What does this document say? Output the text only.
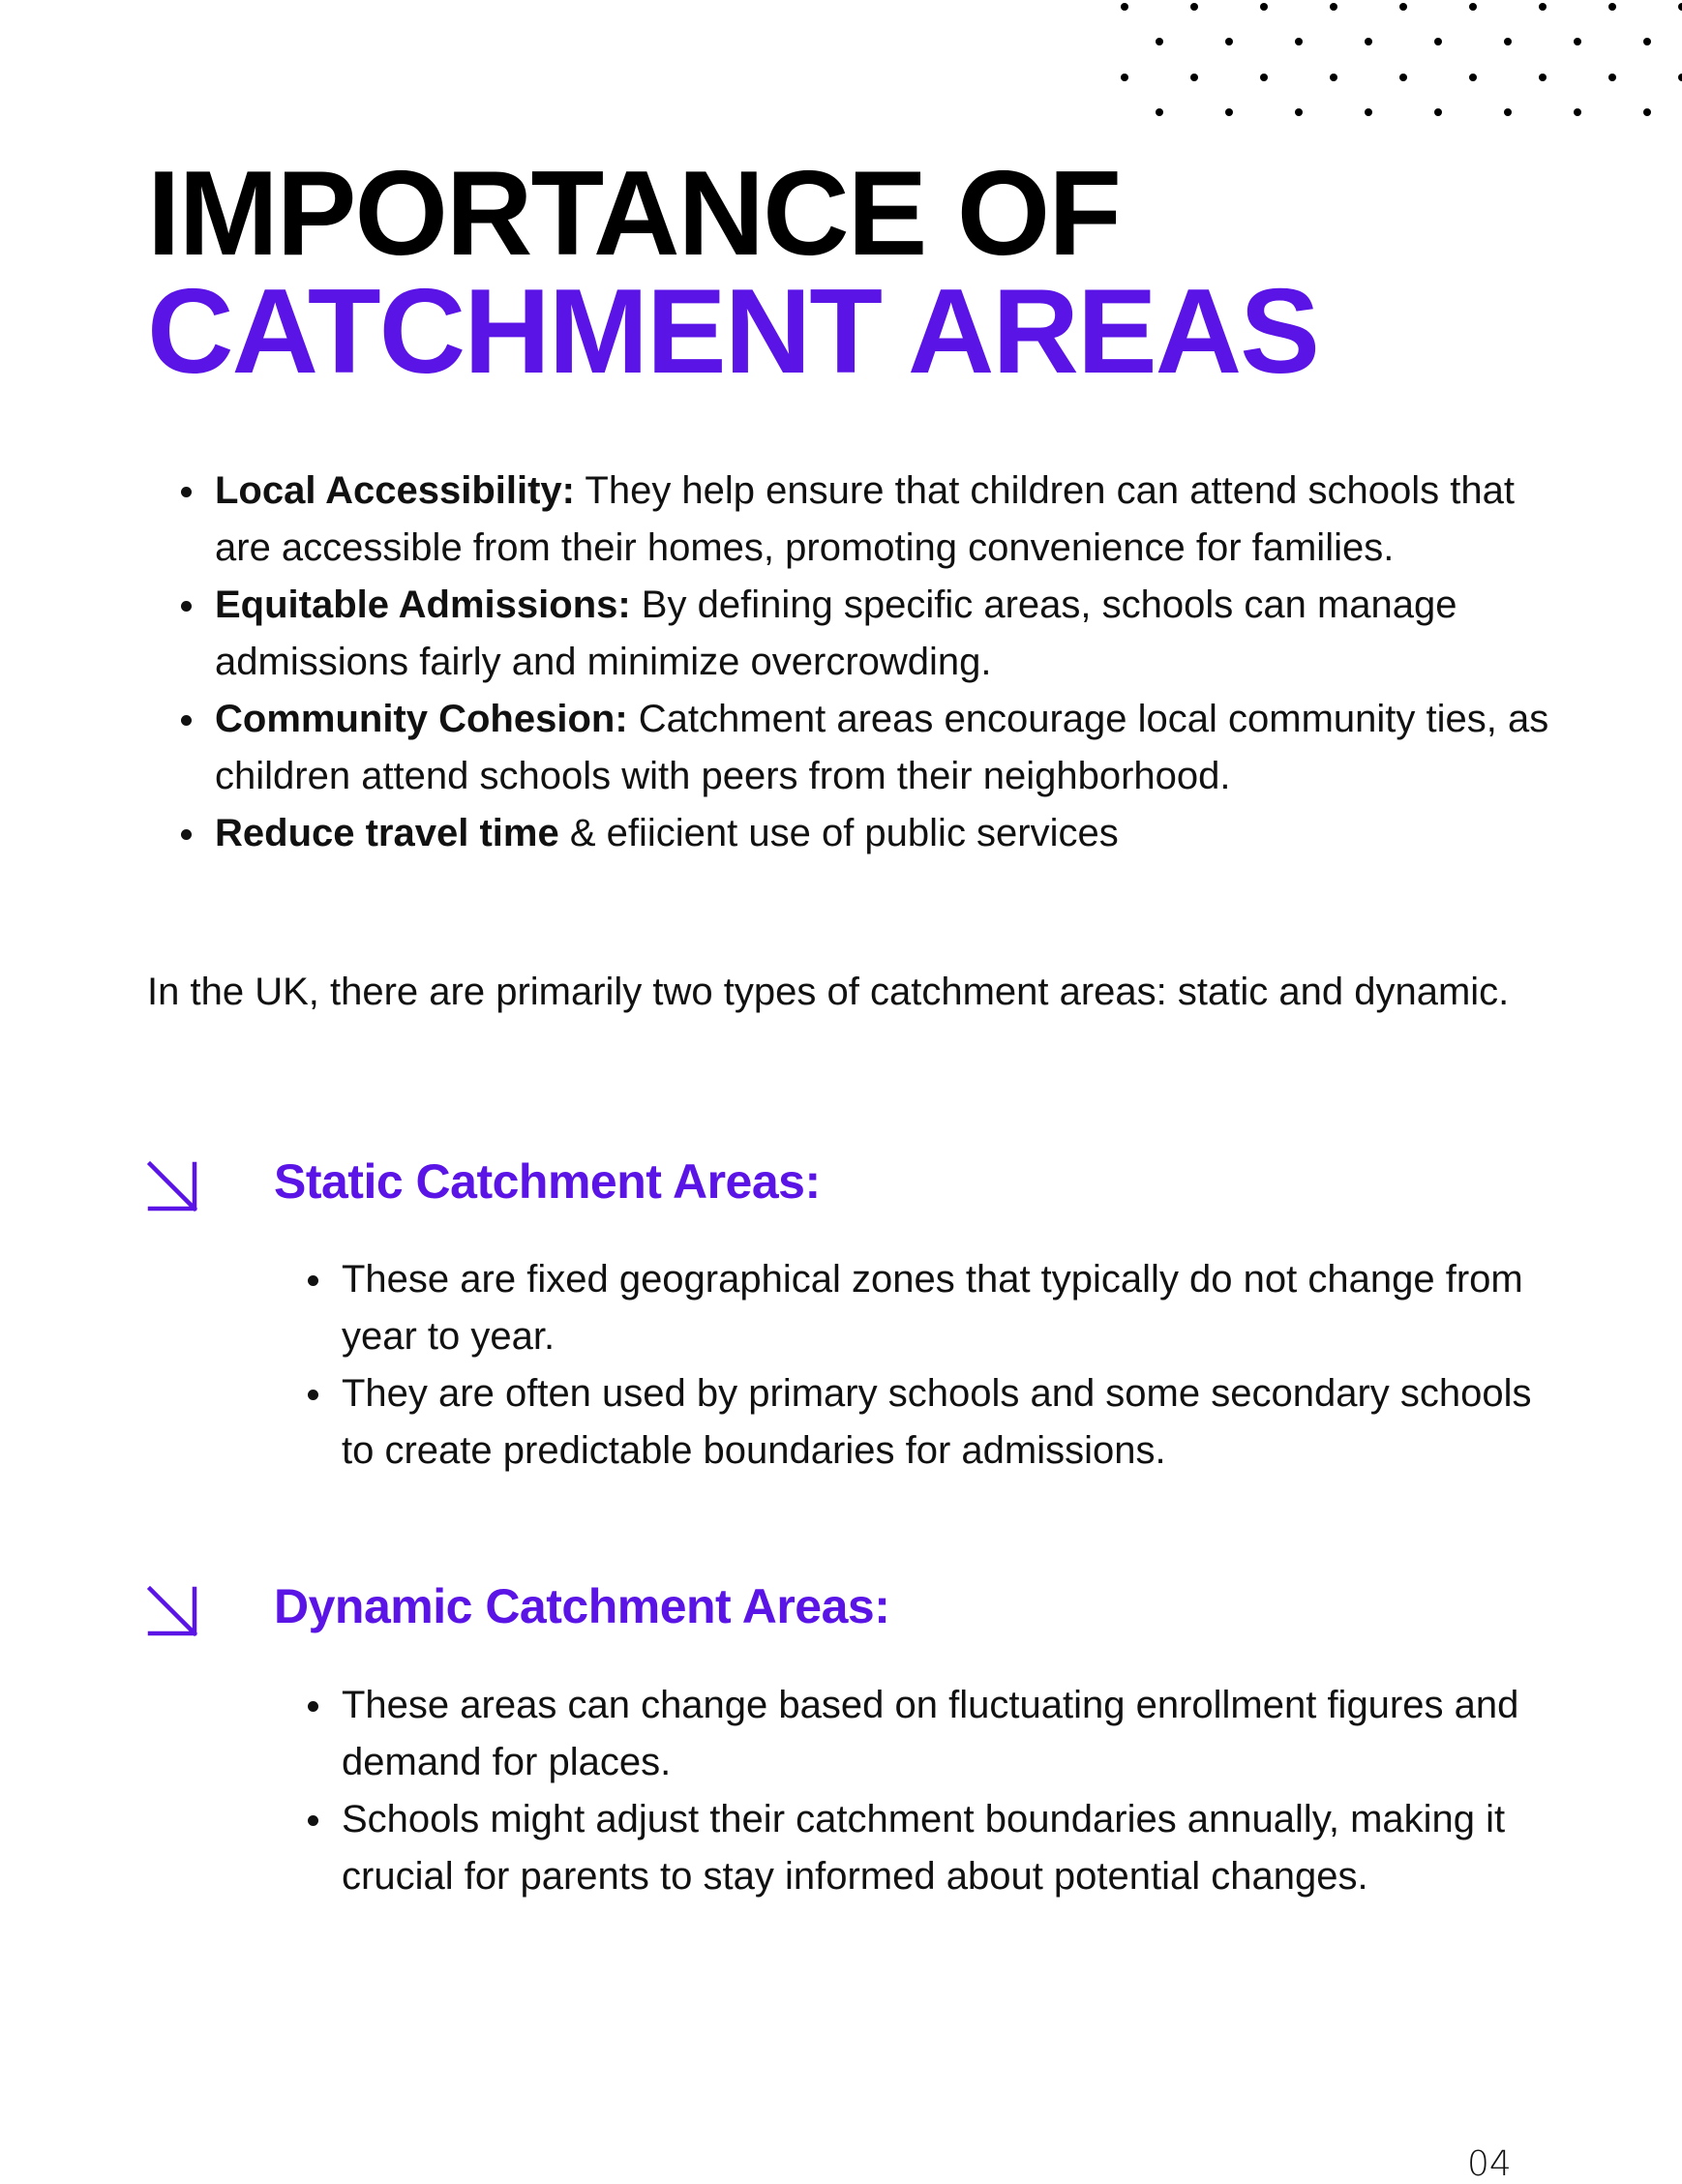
IMPORTANCE OF
CATCHMENT AREAS
Local Accessibility: They help ensure that children can attend schools that are accessible from their homes, promoting convenience for families.
Equitable Admissions: By defining specific areas, schools can manage admissions fairly and minimize overcrowding.
Community Cohesion: Catchment areas encourage local community ties, as children attend schools with peers from their neighborhood.
Reduce travel time & efiicient use of public services

In the UK, there are primarily two types of catchment areas: static and dynamic.

Static Catchment Areas:
These are fixed geographical zones that typically do not change from year to year.
They are often used by primary schools and some secondary schools to create predictable boundaries for admissions.
Dynamic Catchment Areas:
These areas can change based on fluctuating enrollment figures and demand for places.
Schools might adjust their catchment boundaries annually, making it crucial for parents to stay informed about potential changes.
04
